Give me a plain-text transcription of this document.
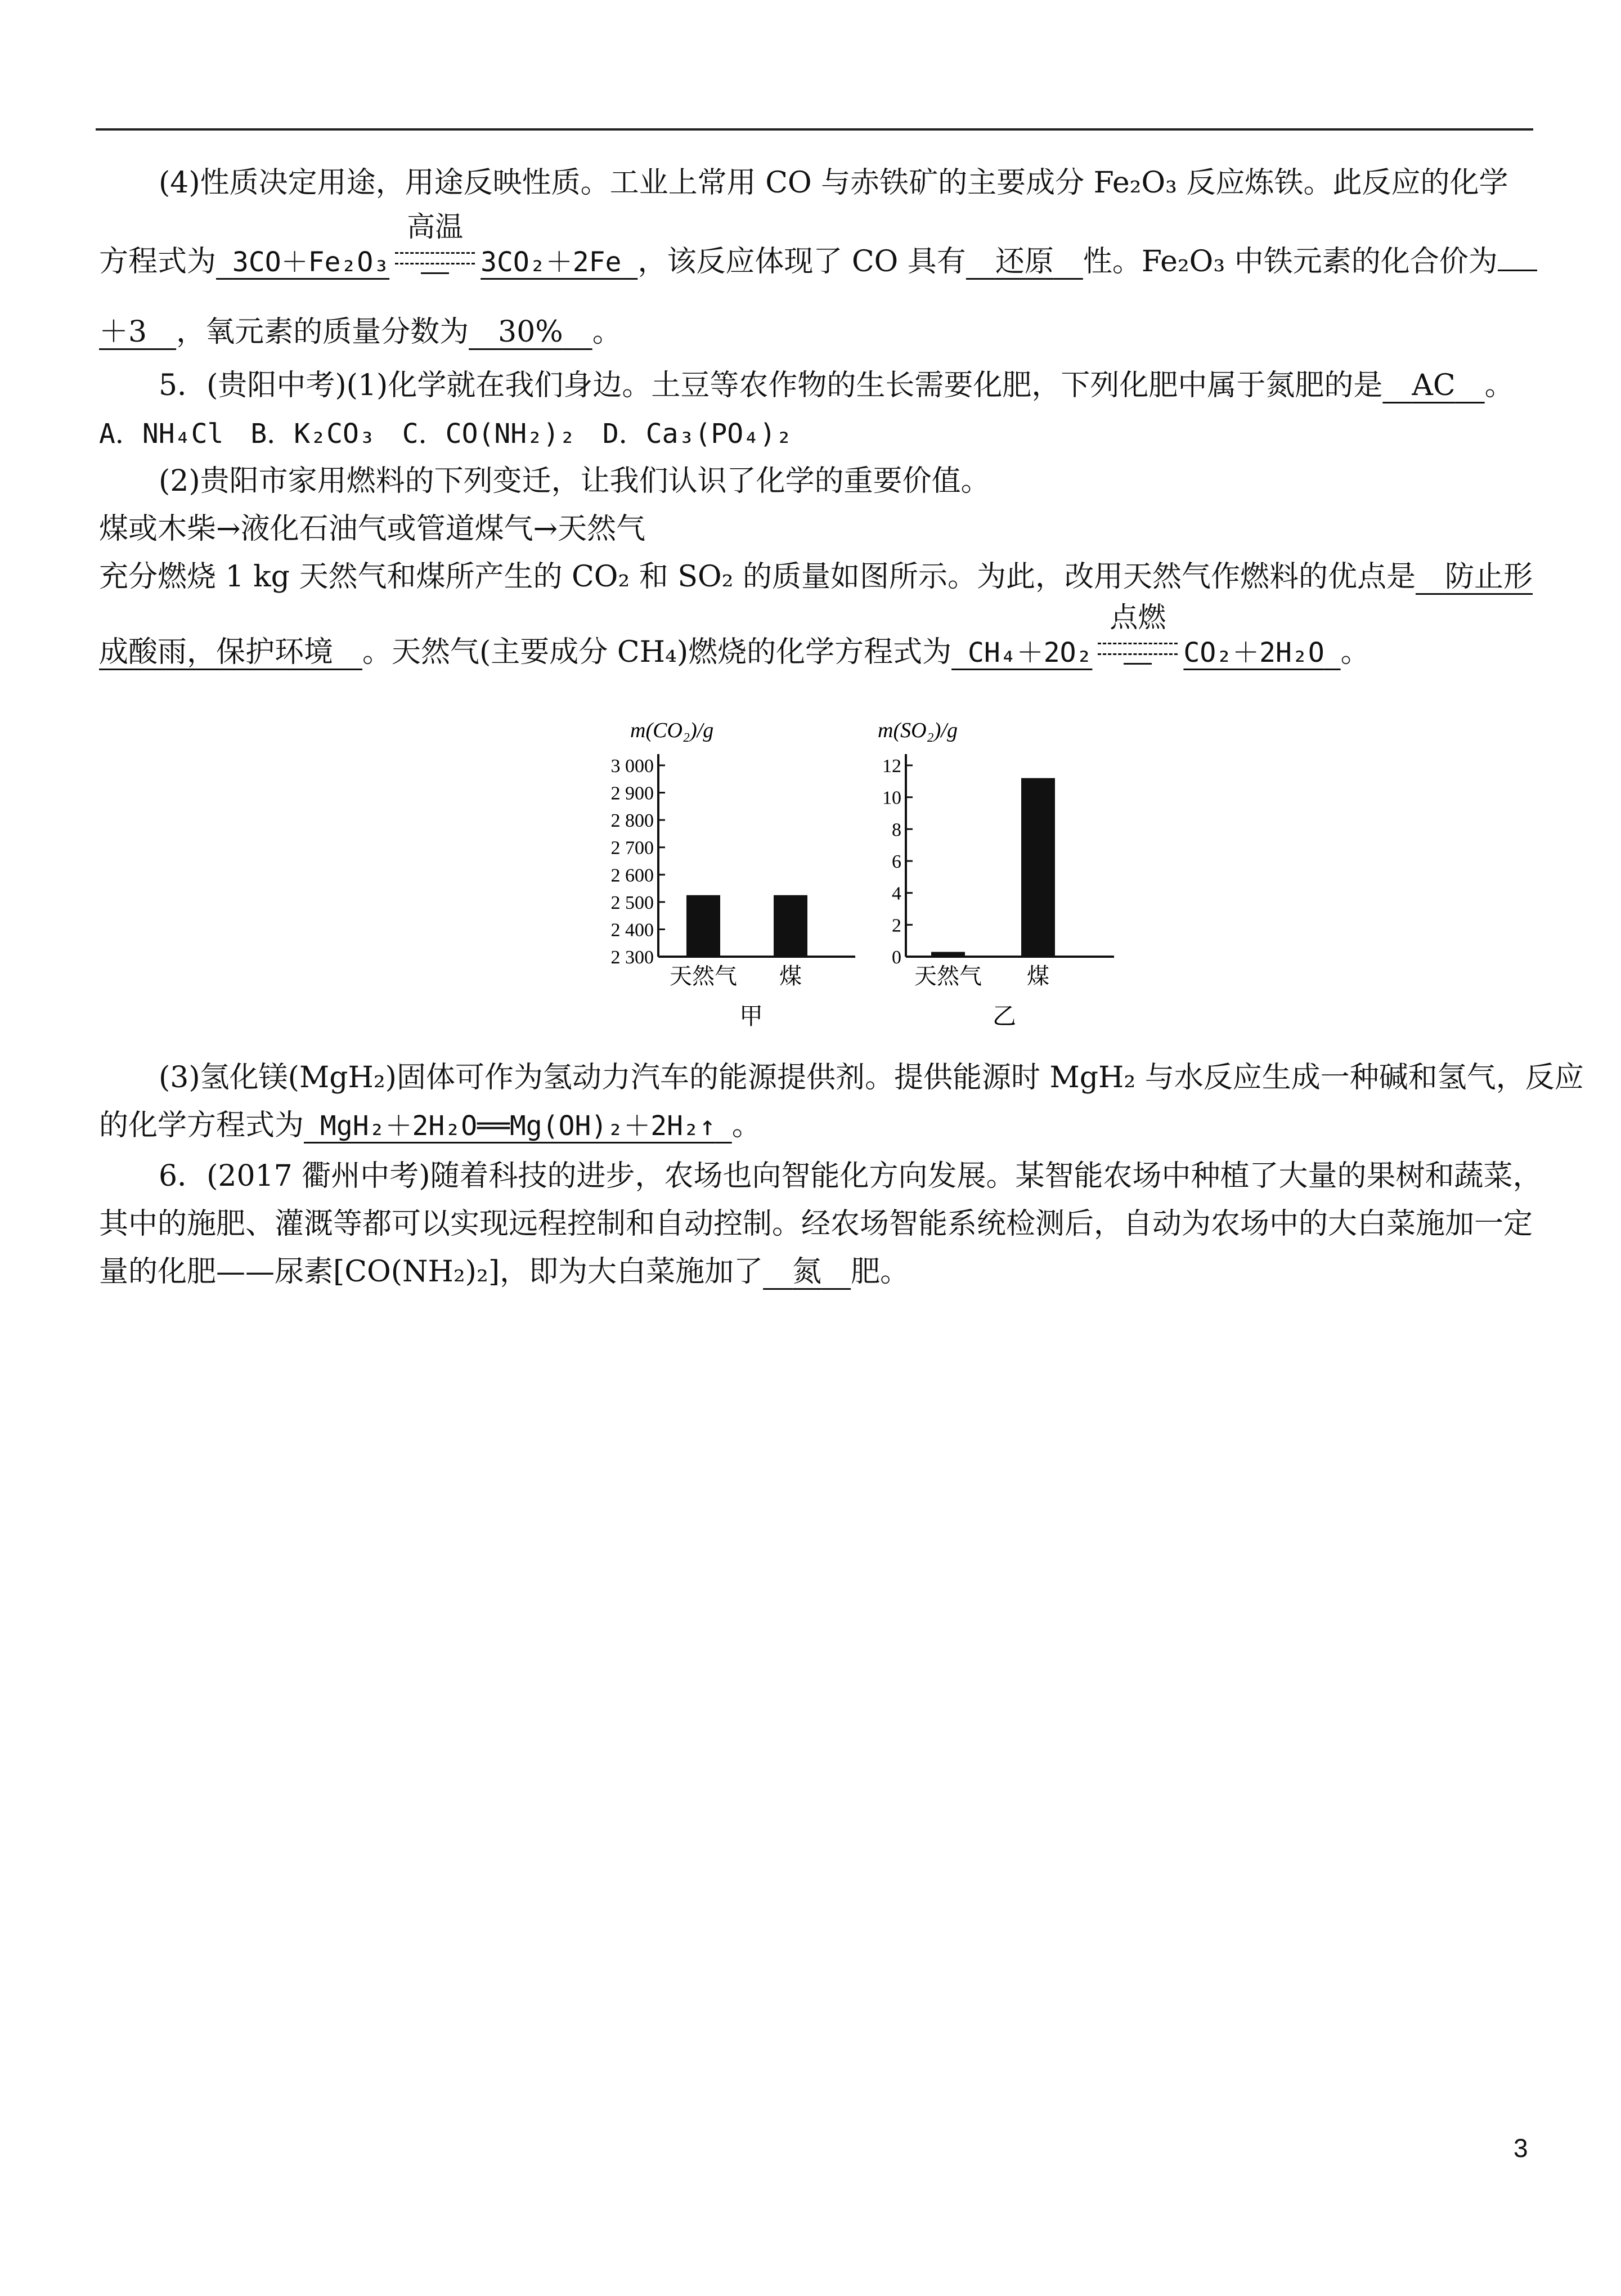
(4)性质决定用途，用途反映性质。工业上常用 CO 与赤铁矿的主要成分 Fe₂O₃ 反应炼铁。此反应的化学
方程式为  3CO＋Fe₂O₃
高温
3CO₂＋2Fe  ，该反应体现了 CO 具有  还原  性。Fe₂O₃ 中铁元素的化合价为
＋3  ，氧元素的质量分数为  30%  。
5．(贵阳中考)(1)化学就在我们身边。土豆等农作物的生长需要化肥，下列化肥中属于氮肥的是  AC  。
A．NH₄Cl　B．K₂CO₃　C．CO(NH₂)₂　D．Ca₃(PO₄)₂
(2)贵阳市家用燃料的下列变迁，让我们认识了化学的重要价值。
煤或木柴→液化石油气或管道煤气→天然气
充分燃烧 1 kg 天然气和煤所产生的 CO₂ 和 SO₂ 的质量如图所示。为此，改用天然气作燃料的优点是  防止形
成酸雨，保护环境  。天然气(主要成分 CH₄)燃烧的化学方程式为  CH₄＋2O₂
点燃
CO₂＋2H₂O  。
m(CO₂)/g
2 300
2 400
2 500
2 600
2 700
2 800
2 900
3 000
天然气 煤
甲
m(SO₂)/g
0
2
4
6
8
10
12
天然气 煤
乙
(3)氢化镁(MgH₂)固体可作为氢动力汽车的能源提供剂。提供能源时 MgH₂ 与水反应生成一种碱和氢气，反应
的化学方程式为  MgH₂＋2H₂O══Mg(OH)₂＋2H₂↑  。
6．(2017 衢州中考)随着科技的进步，农场也向智能化方向发展。某智能农场中种植了大量的果树和蔬菜，
其中的施肥、灌溉等都可以实现远程控制和自动控制。经农场智能系统检测后，自动为农场中的大白菜施加一定
量的化肥——尿素[CO(NH₂)₂]，即为大白菜施加了  氮  肥。
3
